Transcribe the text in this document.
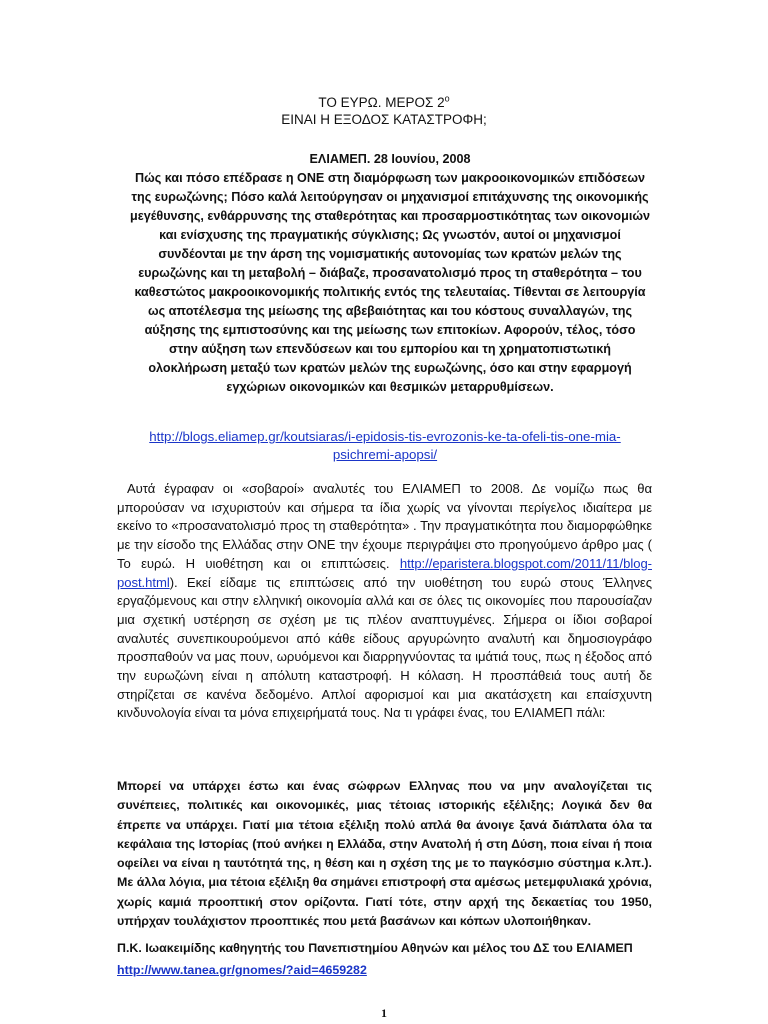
ΤΟ ΕΥΡΩ. ΜΕΡΟΣ $2^o$
ΕΙΝΑΙ Η ΕΞΟΔΟΣ ΚΑΤΑΣΤΡΟΦΗ;
ΕΛΙΑΜΕΠ. 28 Ιουνίου, 2008
Πώς και πόσο επέδρασε η ΟΝΕ στη διαμόρφωση των μακροοικονομικών επιδόσεων της ευρωζώνης; Πόσο καλά λειτούργησαν οι μηχανισμοί επιτάχυνσης της οικονομικής μεγέθυνσης, ενθάρρυνσης της σταθερότητας και προσαρμοστικότητας των οικονομιών και ενίσχυσης της πραγματικής σύγκλισης; Ως γνωστόν, αυτοί οι μηχανισμοί συνδέονται με την άρση της νομισματικής αυτονομίας των κρατών μελών της ευρωζώνης και τη μεταβολή – διάβαζε, προσανατολισμό προς τη σταθερότητα – του καθεστώτος μακροοικονομικής πολιτικής εντός της τελευταίας. Τίθενται σε λειτουργία ως αποτέλεσμα της μείωσης της αβεβαιότητας και του κόστους συναλλαγών, της αύξησης της εμπιστοσύνης και της μείωσης των επιτοκίων. Αφορούν, τέλος, τόσο στην αύξηση των επενδύσεων και του εμπορίου και τη χρηματοπιστωτική ολοκλήρωση μεταξύ των κρατών μελών της ευρωζώνης, όσο και στην εφαρμογή εγχώριων οικονομικών και θεσμικών μεταρρυθμίσεων.
http://blogs.eliamep.gr/koutsiaras/i-epidosis-tis-evrozonis-ke-ta-ofeli-tis-one-mia-psichremi-apopsi/

Αυτά έγραφαν οι «σοβαροί» αναλυτές του ΕΛΙΑΜΕΠ το 2008. Δε νομίζω πως θα μπορούσαν να ισχυριστούν και σήμερα τα ίδια χωρίς να γίνονται περίγελος ιδιαίτερα με εκείνο το «προσανατολισμό προς τη σταθερότητα» . Την πραγματικότητα που διαμορφώθηκε με την είσοδο της Ελλάδας στην ΟΝΕ την έχουμε περιγράψει στο προηγούμενο άρθρο μας ( Το ευρώ. Η υιοθέτηση και οι επιπτώσεις. http://eparistera.blogspot.com/2011/11/blog-post.html). Εκεί είδαμε τις επιπτώσεις από την υιοθέτηση του ευρώ στους Έλληνες εργαζόμενους και στην ελληνική οικονομία αλλά και σε όλες τις οικονομίες που παρουσίαζαν μια σχετική υστέρηση σε σχέση με τις πλέον αναπτυγμένες. Σήμερα οι ίδιοι σοβαροί αναλυτές συνεπικουρούμενοι από κάθε είδους αργυρώνητο αναλυτή και δημοσιογράφο προσπαθούν να μας πουν, ωρυόμενοι και διαρρηγνύοντας τα ιμάτιά τους, πως η έξοδος από την ευρωζώνη είναι η απόλυτη καταστροφή. Η κόλαση. Η προσπάθειά τους αυτή δε στηρίζεται σε κανένα δεδομένο. Απλοί αφορισμοί και μια ακατάσχετη και επαίσχυντη κινδυνολογία είναι τα μόνα επιχειρήματά τους. Να τι γράφει ένας, του ΕΛΙΑΜΕΠ πάλι:

Μπορεί να υπάρχει έστω και ένας σώφρων Ελληνας που να μην αναλογίζεται τις συνέπειες, πολιτικές και οικονομικές, μιας τέτοιας ιστορικής εξέλιξης; Λογικά δεν θα έπρεπε να υπάρχει. Γιατί μια τέτοια εξέλιξη πολύ απλά θα άνοιγε ξανά διάπλατα όλα τα κεφάλαια της Ιστορίας (πού ανήκει η Ελλάδα, στην Ανατολή ή στη Δύση, ποια είναι ή ποια οφείλει να είναι η ταυτότητά της, η θέση και η σχέση της με το παγκόσμιο σύστημα κ.λπ.). Με άλλα λόγια, μια τέτοια εξέλιξη θα σημάνει επιστροφή στα αμέσως μετεμφυλιακά χρόνια, χωρίς καμιά προοπτική στον ορίζοντα. Γιατί τότε, στην αρχή της δεκαετίας του 1950, υπήρχαν τουλάχιστον προοπτικές που μετά βασάνων και κόπων υλοποιήθηκαν.

Π.Κ. Ιωακειμίδης καθηγητής του Πανεπιστημίου Αθηνών και μέλος του ΔΣ του ΕΛΙΑΜΕΠ
http://www.tanea.gr/gnomes/?aid=4659282
1
